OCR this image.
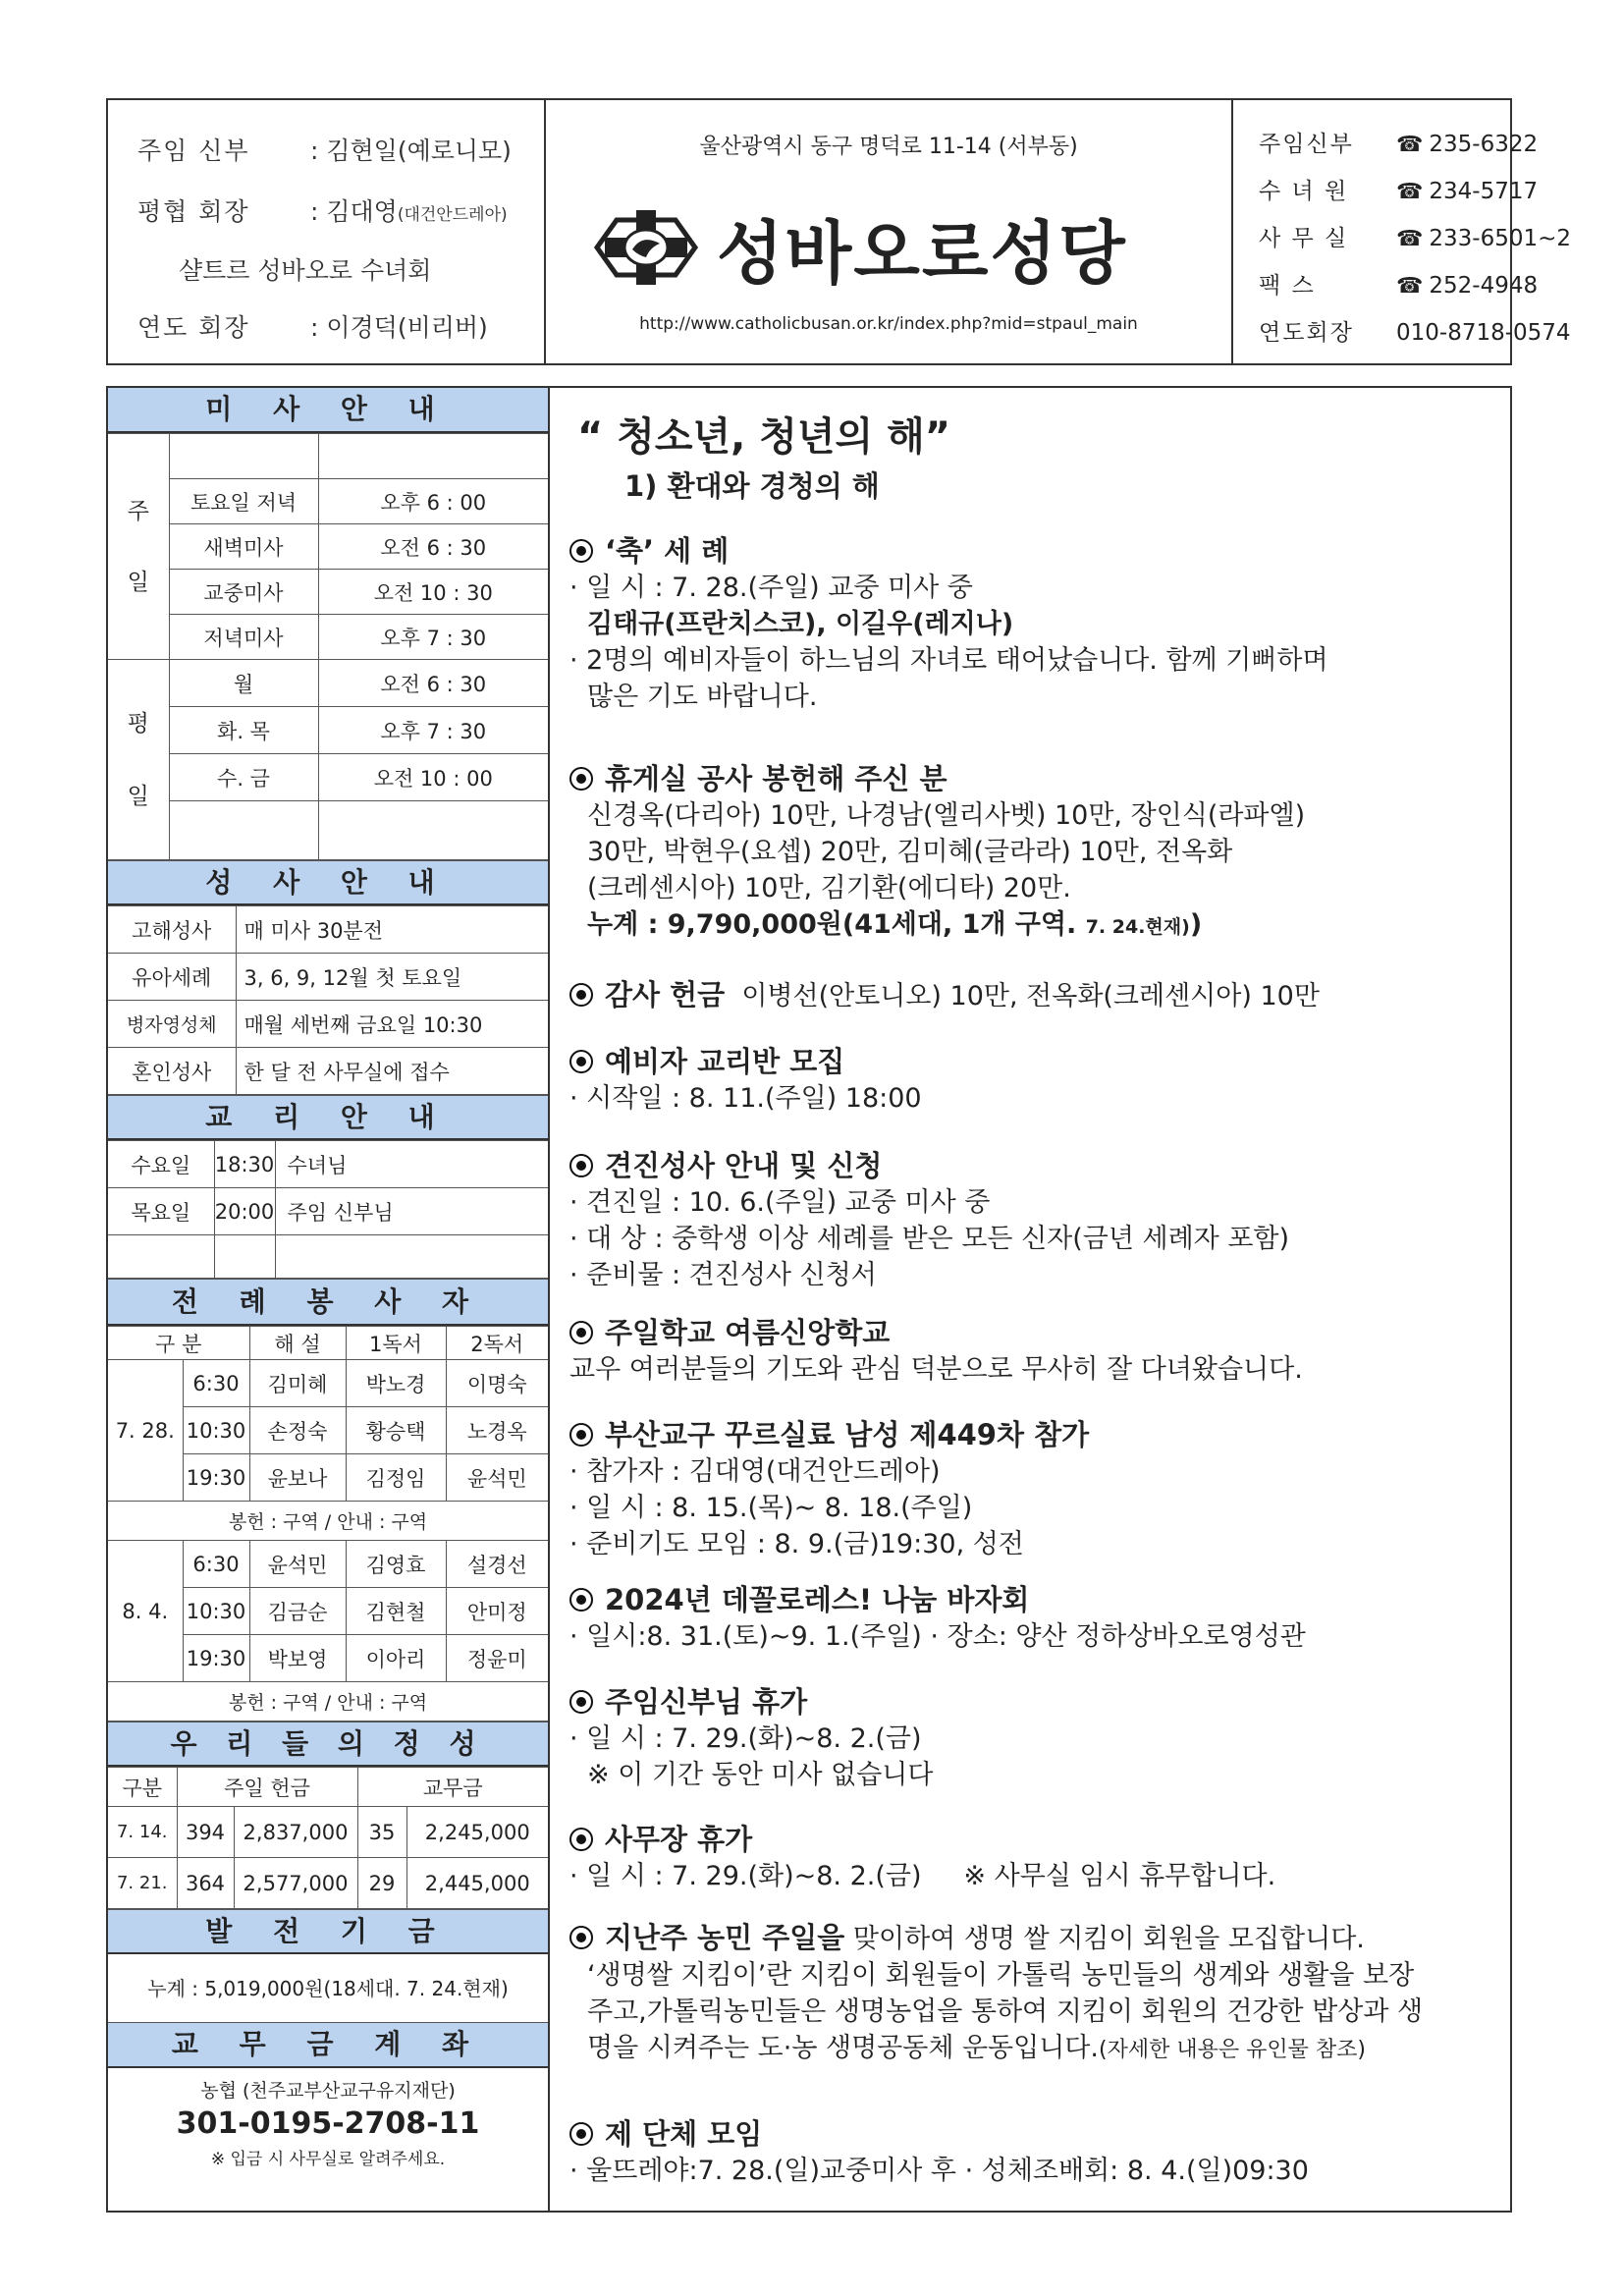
주임 신부 : 김현일(예로니모)
평협 회장 : 김대영(대건안드레아)
샬트르 성바오로 수녀회
연도 회장 : 이경덕(비리버)
울산광역시 동구 명덕로 11-14 (서부동)
성바오로성당
http://www.catholicbusan.or.kr/index.php?mid=stpaul_main
주임신부 ☎ 235-6322
수 녀 원 ☎ 234-5717
사 무 실 ☎ 233-6501~2
팩 스	☎ 252-4948
연도회장 010-8718-0574
미 사 안 내
주
일		
	토요일 저녁	오후 6 : 00
	새벽미사	오전 6 : 30
	교중미사	오전 10 : 30
	저녁미사	오후 7 : 30
평
일	월	오전 6 : 30
	화. 목	오후 7 : 30
	수. 금	오전 10 : 00

성 사 안 내
고해성사	매 미사 30분전
유아세례	3, 6, 9, 12월 첫 토요일
병자영성체	매월 세번째 금요일 10:30
혼인성사	한 달 전 사무실에 접수
교 리 안 내
수요일	18:30	수녀님
목요일	20:00	주임 신부님

전 례 봉 사 자
구 분		해 설	1독서	2독서
7. 28.	6:30	김미혜	박노경	이명숙
	10:30	손정숙	황승택	노경옥
	19:30	윤보나	김정임	윤석민
봉헌 : 구역 / 안내 : 구역				
8. 4.	6:30	윤석민	김영효	설경선
	10:30	김금순	김현철	안미정
	19:30	박보영	이아리	정윤미
봉헌 : 구역 / 안내 : 구역				
우 리 들 의 정 성
구분	주일 헌금		교무금	
7. 14.	394	2,837,000	35	2,245,000
7. 21.	364	2,577,000	29	2,445,000
발 전 기 금
누계 : 5,019,000원(18세대. 7. 24.현재)
교 무 금 계 좌
농협 (천주교부산교구유지재단)
301-0195-2708-11
※ 입금 시 사무실로 알려주세요.
“ 청소년, 청년의 해”
1) 환대와 경청의 해
‘축’ 세 례
· 일 시 : 7. 28.(주일) 교중 미사 중
김태규(프란치스코), 이길우(레지나)
· 2명의 예비자들이 하느님의 자녀로 태어났습니다. 함께 기뻐하며
많은 기도 바랍니다.
휴게실 공사 봉헌해 주신 분
신경옥(다리아) 10만, 나경남(엘리사벳) 10만, 장인식(라파엘)
30만, 박현우(요셉) 20만, 김미혜(글라라) 10만, 전옥화
(크레센시아) 10만, 김기환(에디타) 20만.
누계 : 9,790,000원(41세대, 1개 구역. 7. 24.현재))
감사 헌금 이병선(안토니오) 10만, 전옥화(크레센시아) 10만
예비자 교리반 모집
· 시작일 : 8. 11.(주일) 18:00
견진성사 안내 및 신청
· 견진일 : 10. 6.(주일) 교중 미사 중
· 대 상 : 중학생 이상 세례를 받은 모든 신자(금년 세례자 포함)
· 준비물 : 견진성사 신청서
주일학교 여름신앙학교
교우 여러분들의 기도와 관심 덕분으로 무사히 잘 다녀왔습니다.
부산교구 꾸르실료 남성 제449차 참가
· 참가자 : 김대영(대건안드레아)
· 일 시 : 8. 15.(목)~ 8. 18.(주일)
· 준비기도 모임 : 8. 9.(금)19:30, 성전
2024년 데꼴로레스! 나눔 바자회
· 일시:8. 31.(토)~9. 1.(주일) · 장소: 양산 정하상바오로영성관
주임신부님 휴가
· 일 시 : 7. 29.(화)~8. 2.(금)
※ 이 기간 동안 미사 없습니다
사무장 휴가
· 일 시 : 7. 29.(화)~8. 2.(금) ※ 사무실 임시 휴무합니다.
지난주 농민 주일을 맞이하여 생명 쌀 지킴이 회원을 모집합니다.
‘생명쌀 지킴이’란 지킴이 회원들이 가톨릭 농민들의 생계와 생활을 보장
주고,가톨릭농민들은 생명농업을 통하여 지킴이 회원의 건강한 밥상과 생
명을 시켜주는 도·농 생명공동체 운동입니다.(자세한 내용은 유인물 참조)
제 단체 모임
· 울뜨레야:7. 28.(일)교중미사 후 · 성체조배회: 8. 4.(일)09:30
